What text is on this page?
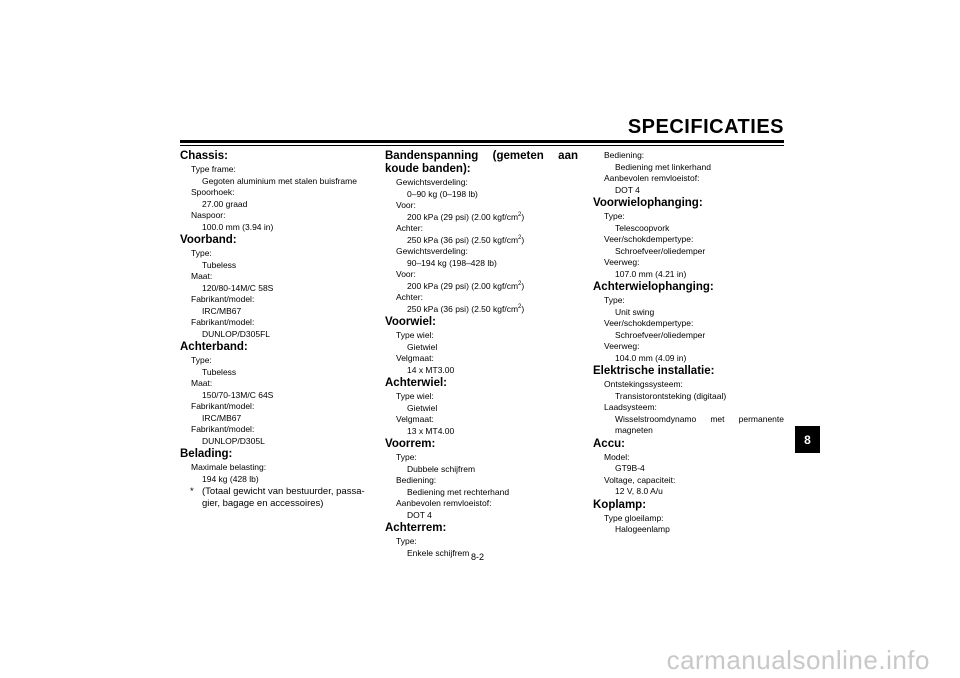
SPECIFICATIES
Chassis:
Type frame:
Gegoten aluminium met stalen buisframe
Spoorhoek:
27.00 graad
Naspoor:
100.0 mm (3.94 in)
Voorband:
Type:
Tubeless
Maat:
120/80-14M/C 58S
Fabrikant/model:
IRC/MB67
Fabrikant/model:
DUNLOP/D305FL
Achterband:
Type:
Tubeless
Maat:
150/70-13M/C 64S
Fabrikant/model:
IRC/MB67
Fabrikant/model:
DUNLOP/D305L
Belading:
Maximale belasting:
194 kg (428 lb)
* (Totaal gewicht van bestuurder, passa-gier, bagage en accessoires)
Bandenspanning (gemeten aan koude banden):
Gewichtsverdeling:
0–90 kg (0–198 lb)
Voor:
200 kPa (29 psi) (2.00 kgf/$cm^2$)
Achter:
250 kPa (36 psi) (2.50 kgf/$cm^2$)
Gewichtsverdeling:
90–194 kg (198–428 lb)
Voor:
200 kPa (29 psi) (2.00 kgf/$cm^2$)
Achter:
250 kPa (36 psi) (2.50 kgf/$cm^2$)
Voorwiel:
Type wiel:
Gietwiel
Velgmaat:
14 x MT3.00
Achterwiel:
Type wiel:
Gietwiel
Velgmaat:
13 x MT4.00
Voorrem:
Type:
Dubbele schijfrem
Bediening:
Bediening met rechterhand
Aanbevolen remvloeistof:
DOT 4
Achterrem:
Type:
Enkele schijfrem
Bediening:
Bediening met linkerhand
Aanbevolen remvloeistof:
DOT 4
Voorwielophanging:
Type:
Telescoopvork
Veer/schokdempertype:
Schroefveer/oliedemper
Veerweg:
107.0 mm (4.21 in)
Achterwielophanging:
Type:
Unit swing
Veer/schokdempertype:
Schroefveer/oliedemper
Veerweg:
104.0 mm (4.09 in)
Elektrische installatie:
Ontstekingssysteem:
Transistorontsteking (digitaal)
Laadsysteem:
Wisselstroomdynamo met permanente magneten
Accu:
Model:
GT9B-4
Voltage, capaciteit:
12 V, 8.0 A/u
Koplamp:
Type gloeilamp:
Halogeenlamp
8-2
8
carmanualsonline.info
